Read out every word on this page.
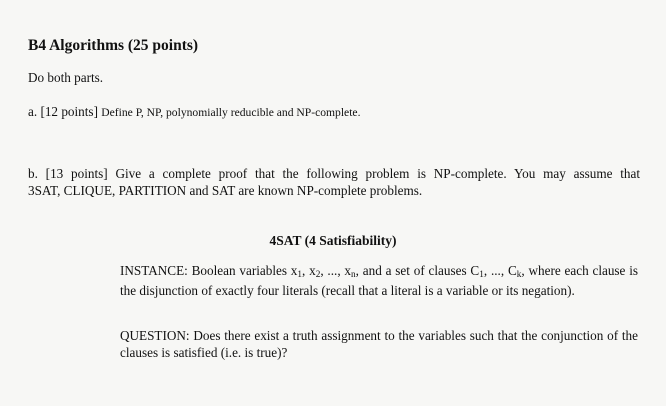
B4 Algorithms (25 points)
Do both parts.
a. [12 points] Define P, NP, polynomially reducible and NP-complete.
b. [13 points] Give a complete proof that the following problem is NP-complete. You may assume that
3SAT, CLIQUE, PARTITION and SAT are known NP-complete problems.
4SAT (4 Satisfiability)
INSTANCE: Boolean variables $x_1$, $x_2$, ..., $x_n$, and a set of clauses $C_1$, ..., $C_k$, where each clause is the disjunction of exactly four literals (recall that a literal is a variable or its negation).
QUESTION: Does there exist a truth assignment to the variables such that the conjunction of the clauses is satisfied (i.e. is true)?
